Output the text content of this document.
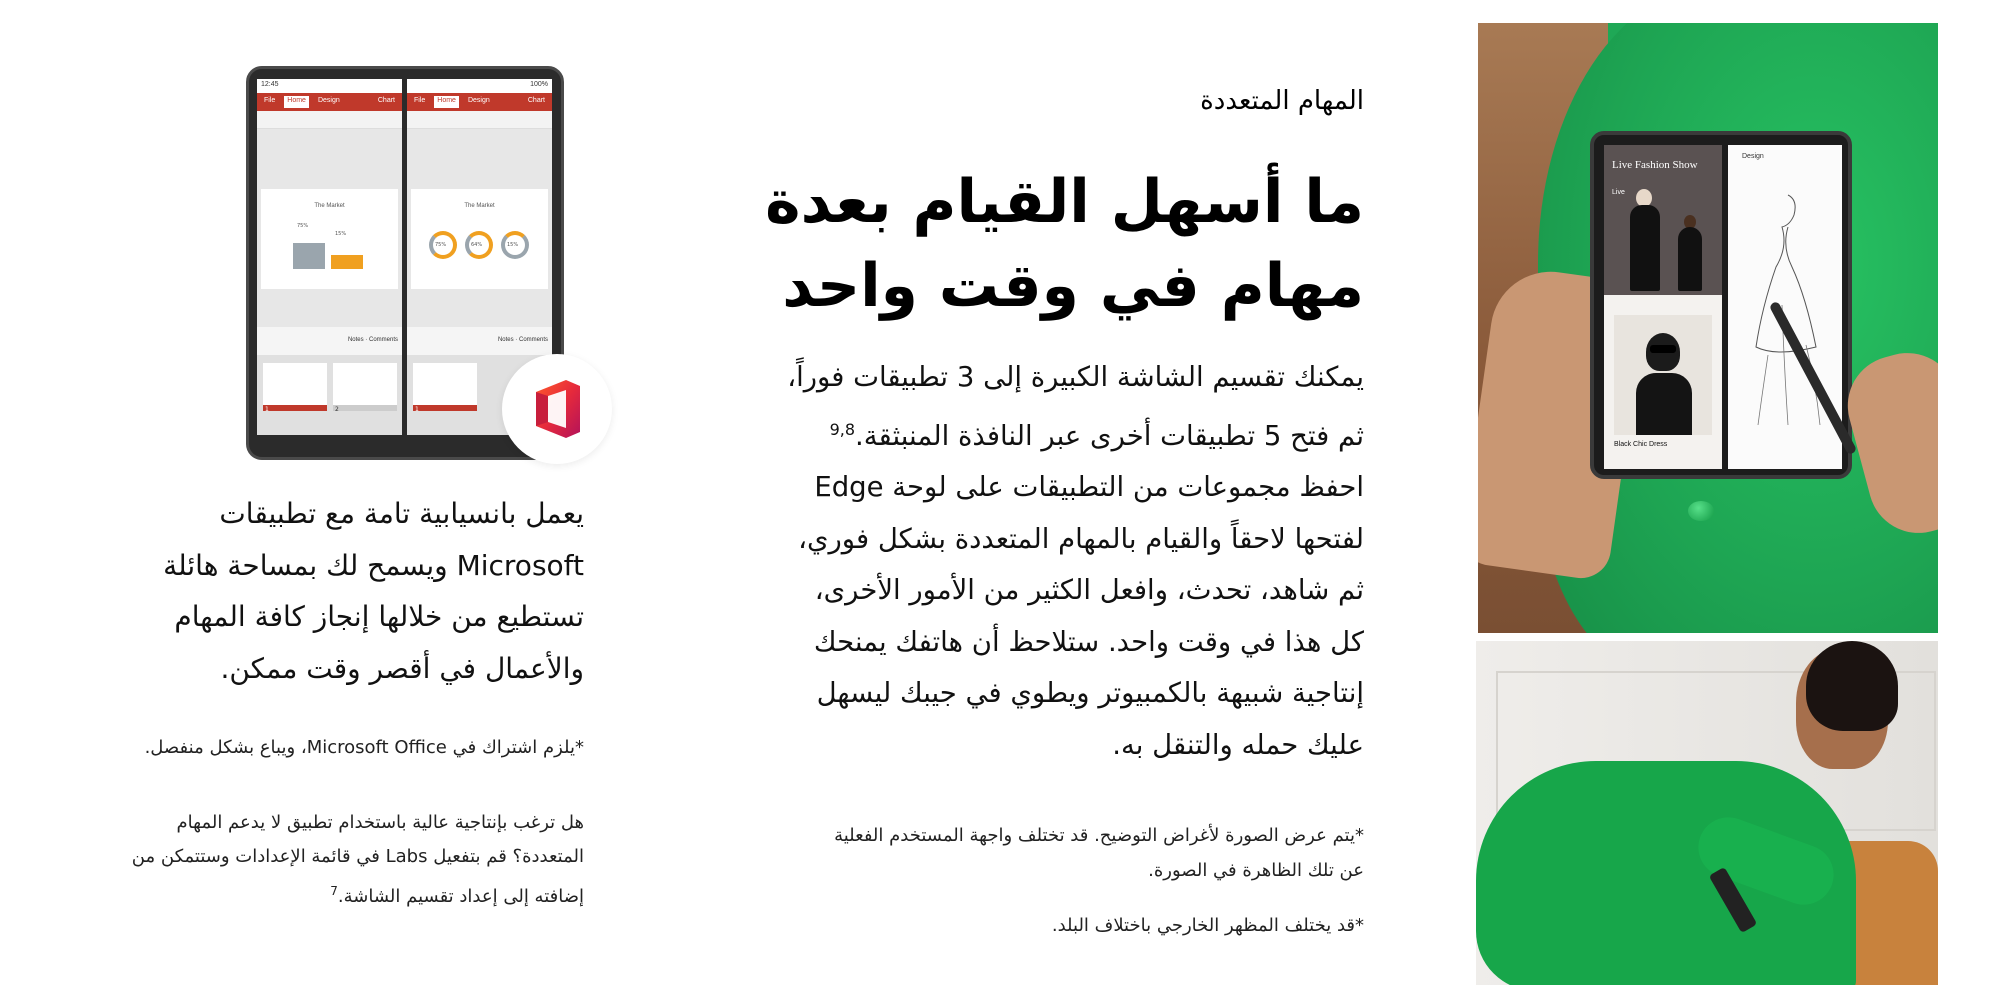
Live Fashion Show
Live
Black Chic Dress
Design
المهام المتعددة
ما أسهل القيام بعدة
مهام في وقت واحد
يمكنك تقسيم الشاشة الكبيرة إلى 3 تطبيقات فوراً،
ثم فتح 5 تطبيقات أخرى عبر النافذة المنبثقة.$^{9,8}$
احفظ مجموعات من التطبيقات على لوحة Edge
لفتحها لاحقاً والقيام بالمهام المتعددة بشكل فوري،
ثم شاهد، تحدث، وافعل الكثير من الأمور الأخرى،
كل هذا في وقت واحد. ستلاحظ أن هاتفك يمنحك
إنتاجية شبيهة بالكمبيوتر ويطوي في جيبك ليسهل
عليك حمله والتنقل به.

*يتم عرض الصورة لأغراض التوضيح. قد تختلف واجهة المستخدم الفعلية
عن تلك الظاهرة في الصورة.

*قد يختلف المظهر الخارجي باختلاف البلد.

12:45
File	Home	Design	Chart
The Market
75%
15%
Notes · Comments
1	2
100%
File	Home	Design	Chart
The Market
75%	64%	15%
Notes · Comments
1
يعمل بانسيابية تامة مع تطبيقات
Microsoft ويسمح لك بمساحة هائلة
تستطيع من خلالها إنجاز كافة المهام
والأعمال في أقصر وقت ممكن.
*يلزم اشتراك في Microsoft Office، ويباع بشكل منفصل.
هل ترغب بإنتاجية عالية باستخدام تطبيق لا يدعم المهام
المتعددة؟ قم بتفعيل Labs في قائمة الإعدادات وستتمكن من
إضافته إلى إعداد تقسيم الشاشة.$^7$
